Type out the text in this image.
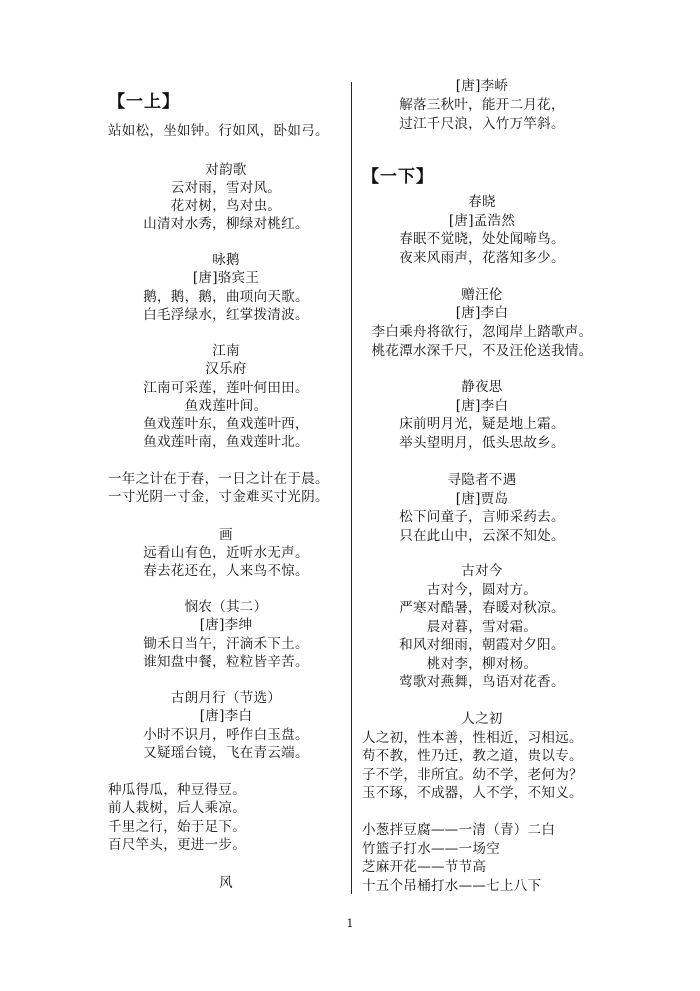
【一上】
站如松，坐如钟。行如风，卧如弓。
对韵歌
云对雨，雪对风。
花对树，鸟对虫。
山清对水秀，柳绿对桃红。
咏鹅
[唐]骆宾王
鹅，鹅，鹅，曲项向天歌。
白毛浮绿水，红掌拨清波。
江南
汉乐府
江南可采莲，莲叶何田田。
鱼戏莲叶间。
鱼戏莲叶东，鱼戏莲叶西，
鱼戏莲叶南，鱼戏莲叶北。
一年之计在于春，一日之计在于晨。
一寸光阴一寸金，寸金难买寸光阴。
画
远看山有色，近听水无声。
春去花还在，人来鸟不惊。
悯农（其二）
[唐]李绅
锄禾日当午，汗滴禾下土。
谁知盘中餐，粒粒皆辛苦。
古朗月行（节选）
[唐]李白
小时不识月，呼作白玉盘。
又疑瑶台镜，飞在青云端。
种瓜得瓜，种豆得豆。
前人栽树，后人乘凉。
千里之行，始于足下。
百尺竿头，更进一步。
风
[唐]李峤
解落三秋叶，能开二月花，
过江千尺浪，入竹万竿斜。
【一下】
春晓
[唐]孟浩然
春眠不觉晓，处处闻啼鸟。
夜来风雨声，花落知多少。
赠汪伦
[唐]李白
李白乘舟将欲行，忽闻岸上踏歌声。
桃花潭水深千尺，不及汪伦送我情。
静夜思
[唐]李白
床前明月光，疑是地上霜。
举头望明月，低头思故乡。
寻隐者不遇
[唐]贾岛
松下问童子，言师采药去。
只在此山中，云深不知处。
古对今
古对今，圆对方。
严寒对酷暑，春暖对秋凉。
晨对暮，雪对霜。
和风对细雨，朝霞对夕阳。
桃对李，柳对杨。
莺歌对燕舞，鸟语对花香。
人之初
人之初，性本善，性相近，习相远。
苟不教，性乃迁，教之道，贵以专。
子不学，非所宜。幼不学，老何为？
玉不琢，不成器，人不学，不知义。
小葱拌豆腐——一清（青）二白
竹篮子打水——一场空
芝麻开花——节节高
十五个吊桶打水——七上八下
1
